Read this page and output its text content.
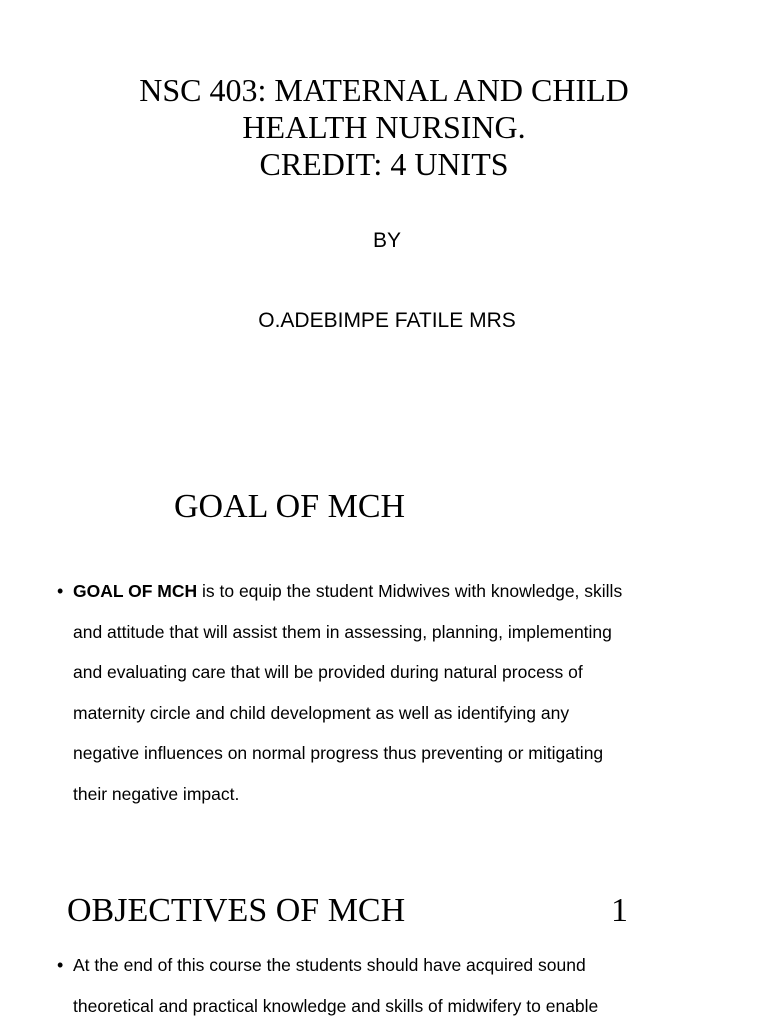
NSC 403: MATERNAL AND CHILD
HEALTH NURSING.
CREDIT: 4 UNITS
BY
O.ADEBIMPE FATILE MRS
GOAL OF MCH
• GOAL OF MCH is to equip the student Midwives with knowledge, skills
and attitude that will assist them in assessing, planning, implementing
and evaluating care that will be provided during natural process of
maternity circle and child development as well as identifying any
negative influences on normal progress thus preventing or mitigating
their negative impact.
OBJECTIVES OF MCH	1
• At the end of this course the students should have acquired sound
theoretical and practical knowledge and skills of midwifery to enable
